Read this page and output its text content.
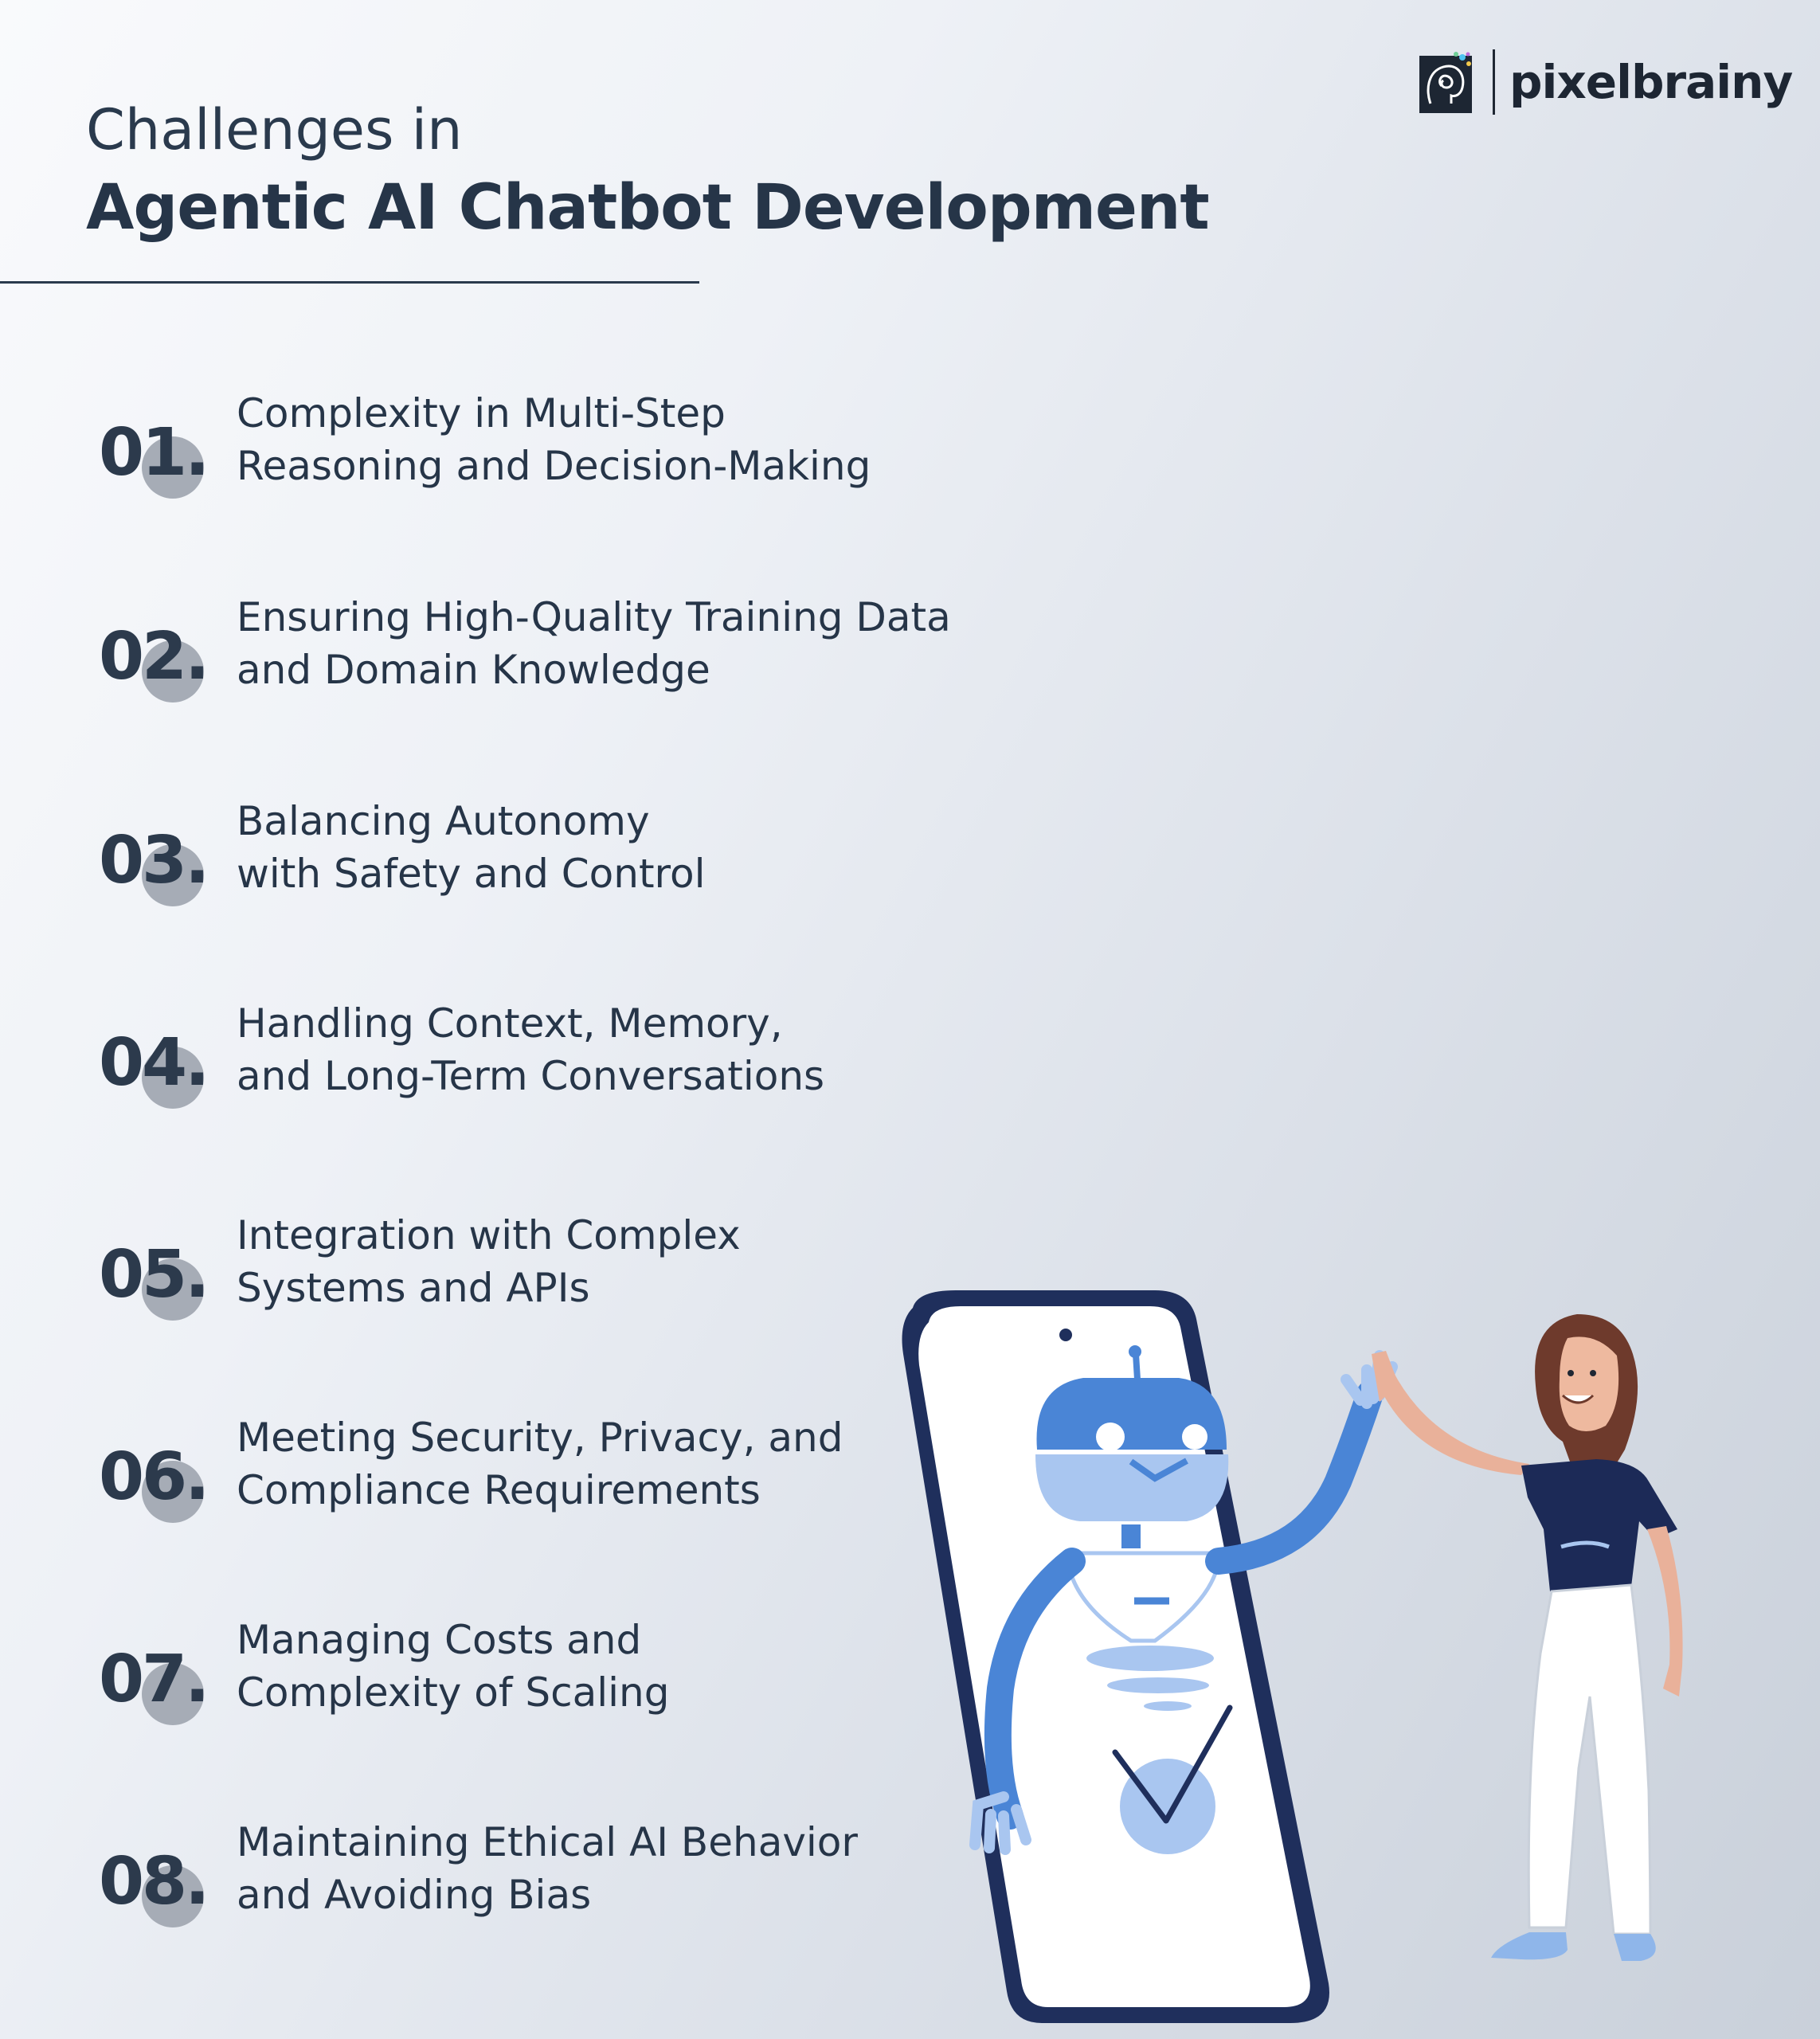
pixelbrainy
Challenges in
Agentic AI Chatbot Development
01.
Complexity in Multi-Step
Reasoning and Decision-Making
02.
Ensuring High-Quality Training Data
and Domain Knowledge
03.
Balancing Autonomy
with Safety and Control
04.
Handling Context, Memory,
and Long-Term Conversations
05.
Integration with Complex
Systems and APIs
06.
Meeting Security, Privacy, and
Compliance Requirements
07.
Managing Costs and
Complexity of Scaling
08.
Maintaining Ethical AI Behavior
and Avoiding Bias
